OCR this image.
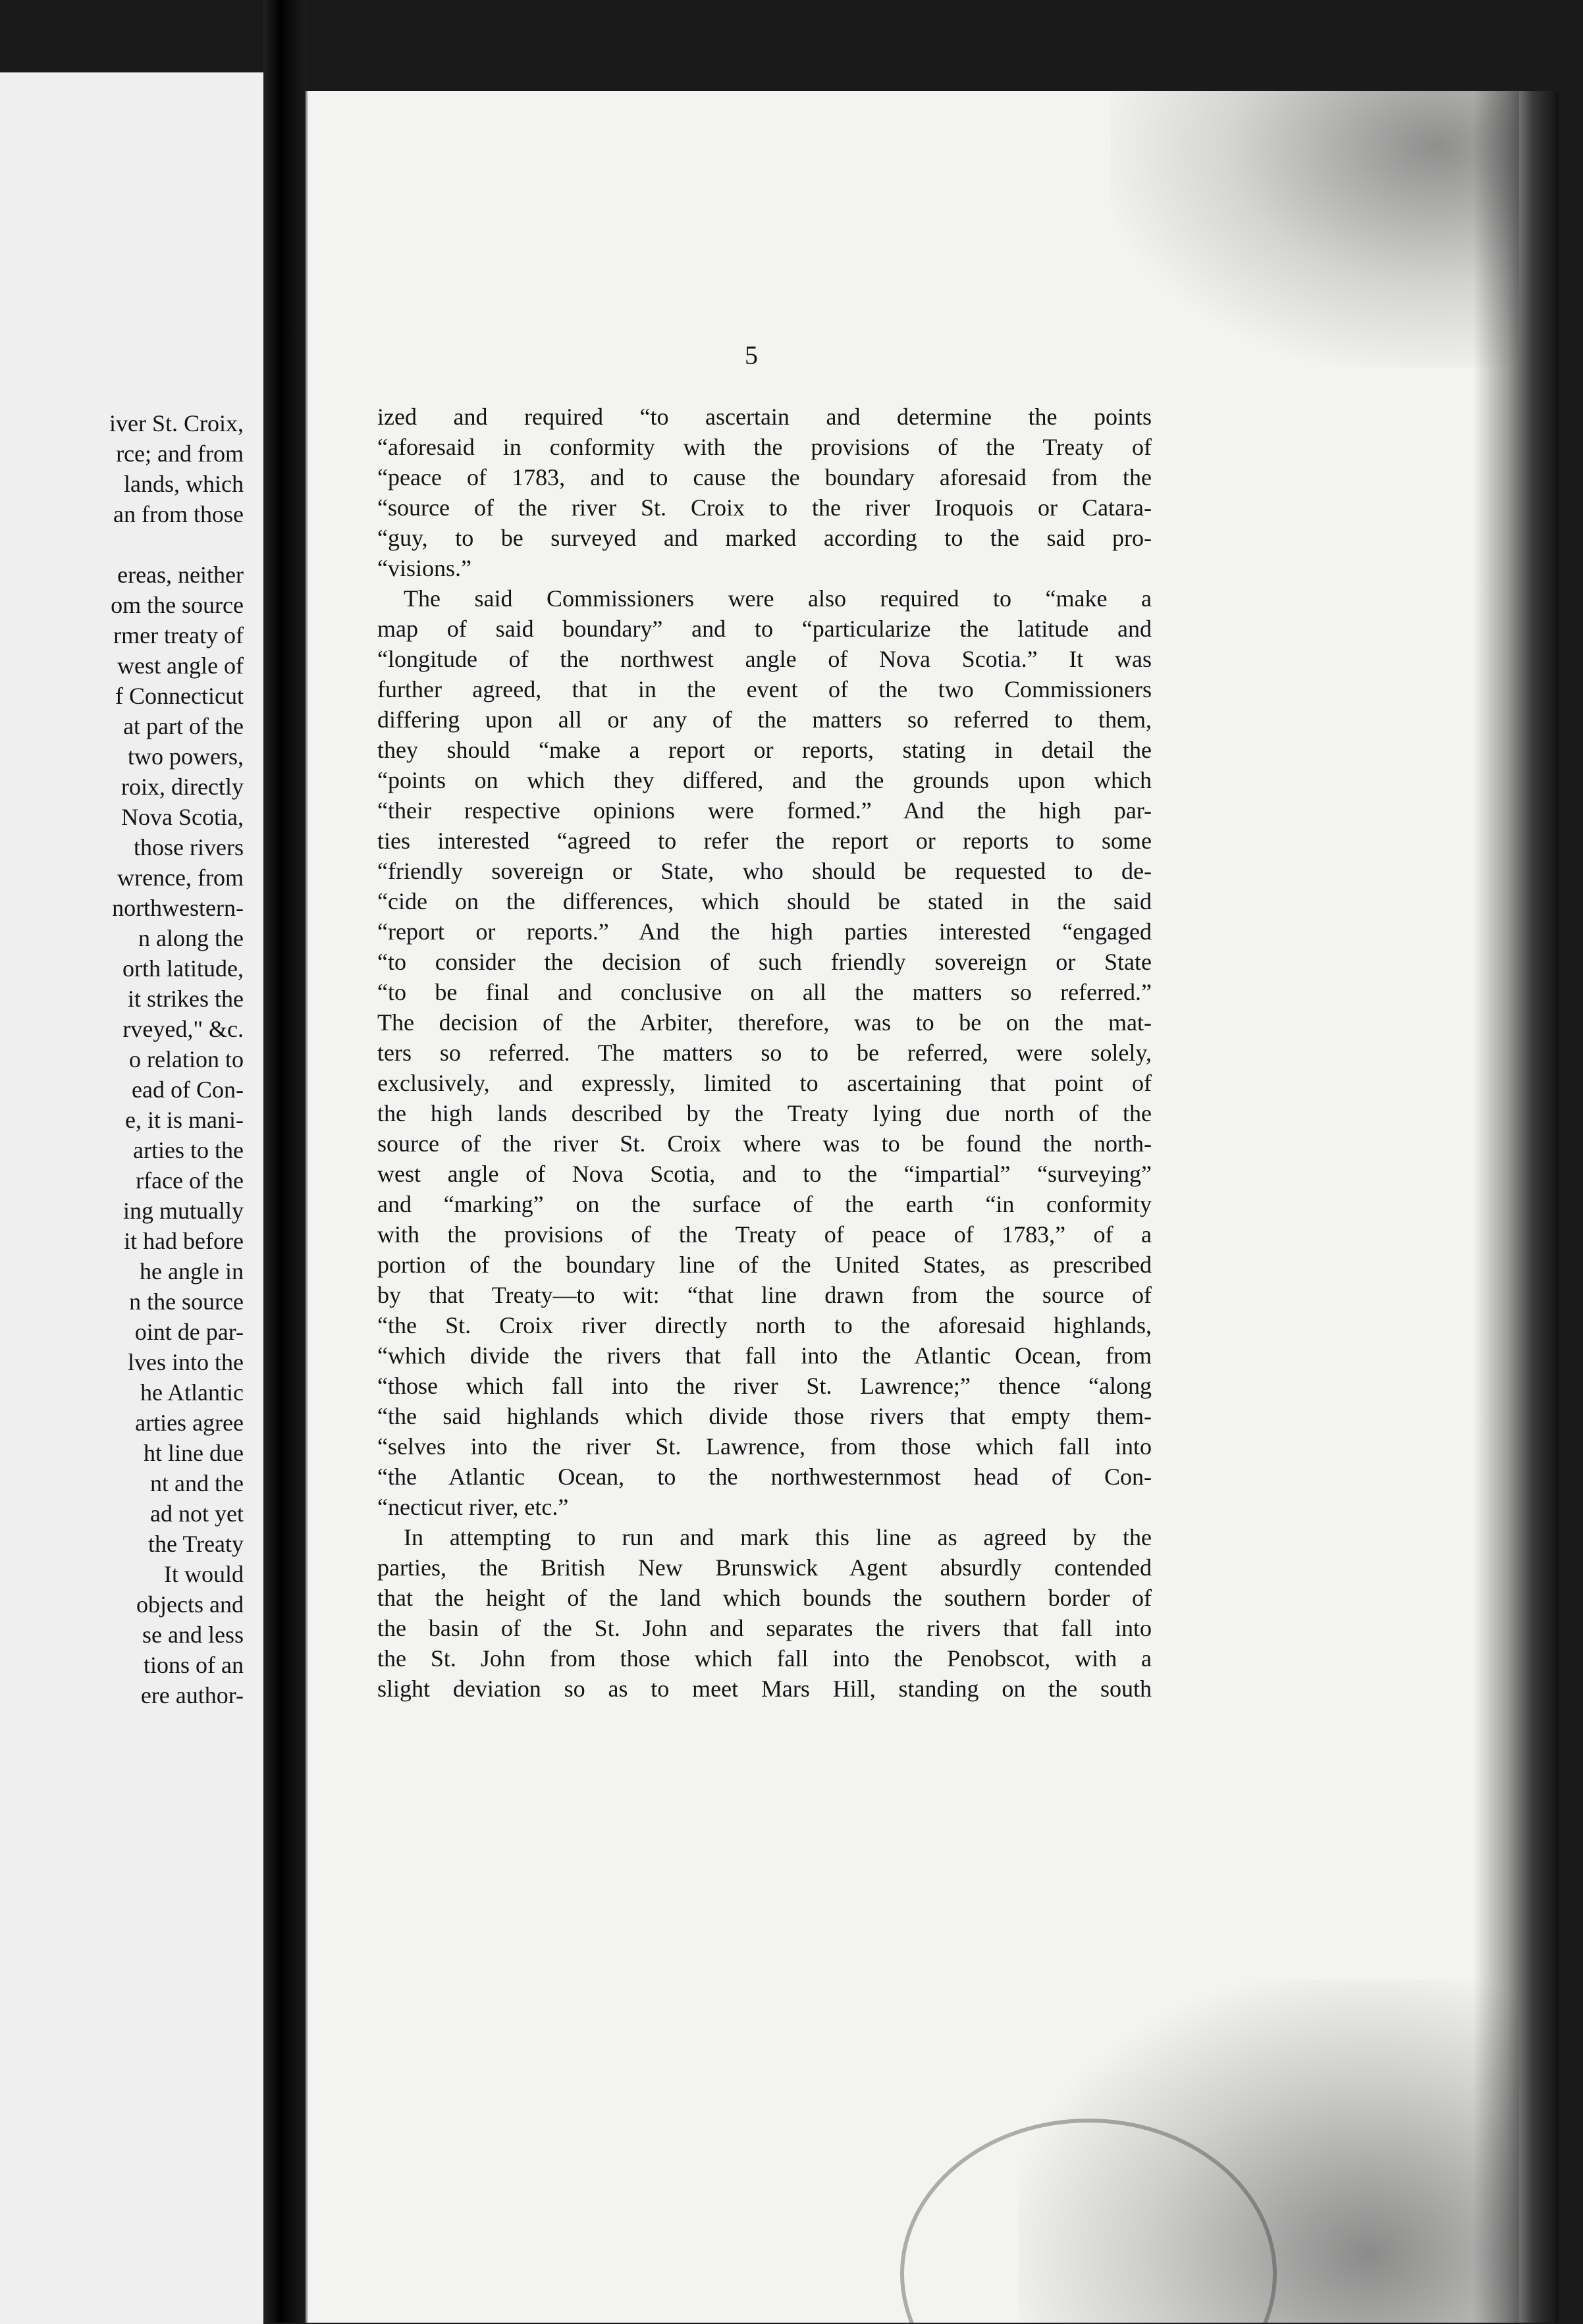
iver St. Croix,
rce; and from
lands, which
an from those
ereas, neither
om the source
rmer treaty of
west angle of
f Connecticut
at part of the
two powers,
roix, directly
Nova Scotia,
those rivers
wrence, from
northwestern-
n along the
orth latitude,
it strikes the
rveyed," &c.
o relation to
ead of Con-
e, it is mani-
arties to the
rface of the
ing mutually
it had before
he angle in
n the source
oint de par-
lves into the
he Atlantic
arties agree
ht line due
nt and the
ad not yet
the Treaty
It would
objects and
se and less
tions of an
ere author-
5
ized and required “to ascertain and determine the points
“aforesaid in conformity with the provisions of the Treaty of
“peace of 1783, and to cause the boundary aforesaid from the
“source of the river St. Croix to the river Iroquois or Catara-
“guy, to be surveyed and marked according to the said pro-
“visions.”
The said Commissioners were also required to “make a
map of said boundary” and to “particularize the latitude and
“longitude of the northwest angle of Nova Scotia.” It was
further agreed, that in the event of the two Commissioners
differing upon all or any of the matters so referred to them,
they should “make a report or reports, stating in detail the
“points on which they differed, and the grounds upon which
“their respective opinions were formed.” And the high par-
ties interested “agreed to refer the report or reports to some
“friendly sovereign or State, who should be requested to de-
“cide on the differences, which should be stated in the said
“report or reports.” And the high parties interested “engaged
“to consider the decision of such friendly sovereign or State
“to be final and conclusive on all the matters so referred.”
The decision of the Arbiter, therefore, was to be on the mat-
ters so referred. The matters so to be referred, were solely,
exclusively, and expressly, limited to ascertaining that point of
the high lands described by the Treaty lying due north of the
source of the river St. Croix where was to be found the north-
west angle of Nova Scotia, and to the “impartial” “surveying”
and “marking” on the surface of the earth “in conformity
with the provisions of the Treaty of peace of 1783,” of a
portion of the boundary line of the United States, as prescribed
by that Treaty—to wit: “that line drawn from the source of
“the St. Croix river directly north to the aforesaid highlands,
“which divide the rivers that fall into the Atlantic Ocean, from
“those which fall into the river St. Lawrence;” thence “along
“the said highlands which divide those rivers that empty them-
“selves into the river St. Lawrence, from those which fall into
“the Atlantic Ocean, to the northwesternmost head of Con-
“necticut river, etc.”
In attempting to run and mark this line as agreed by the
parties, the British New Brunswick Agent absurdly contended
that the height of the land which bounds the southern border of
the basin of the St. John and separates the rivers that fall into
the St. John from those which fall into the Penobscot, with a
slight deviation so as to meet Mars Hill, standing on the south
